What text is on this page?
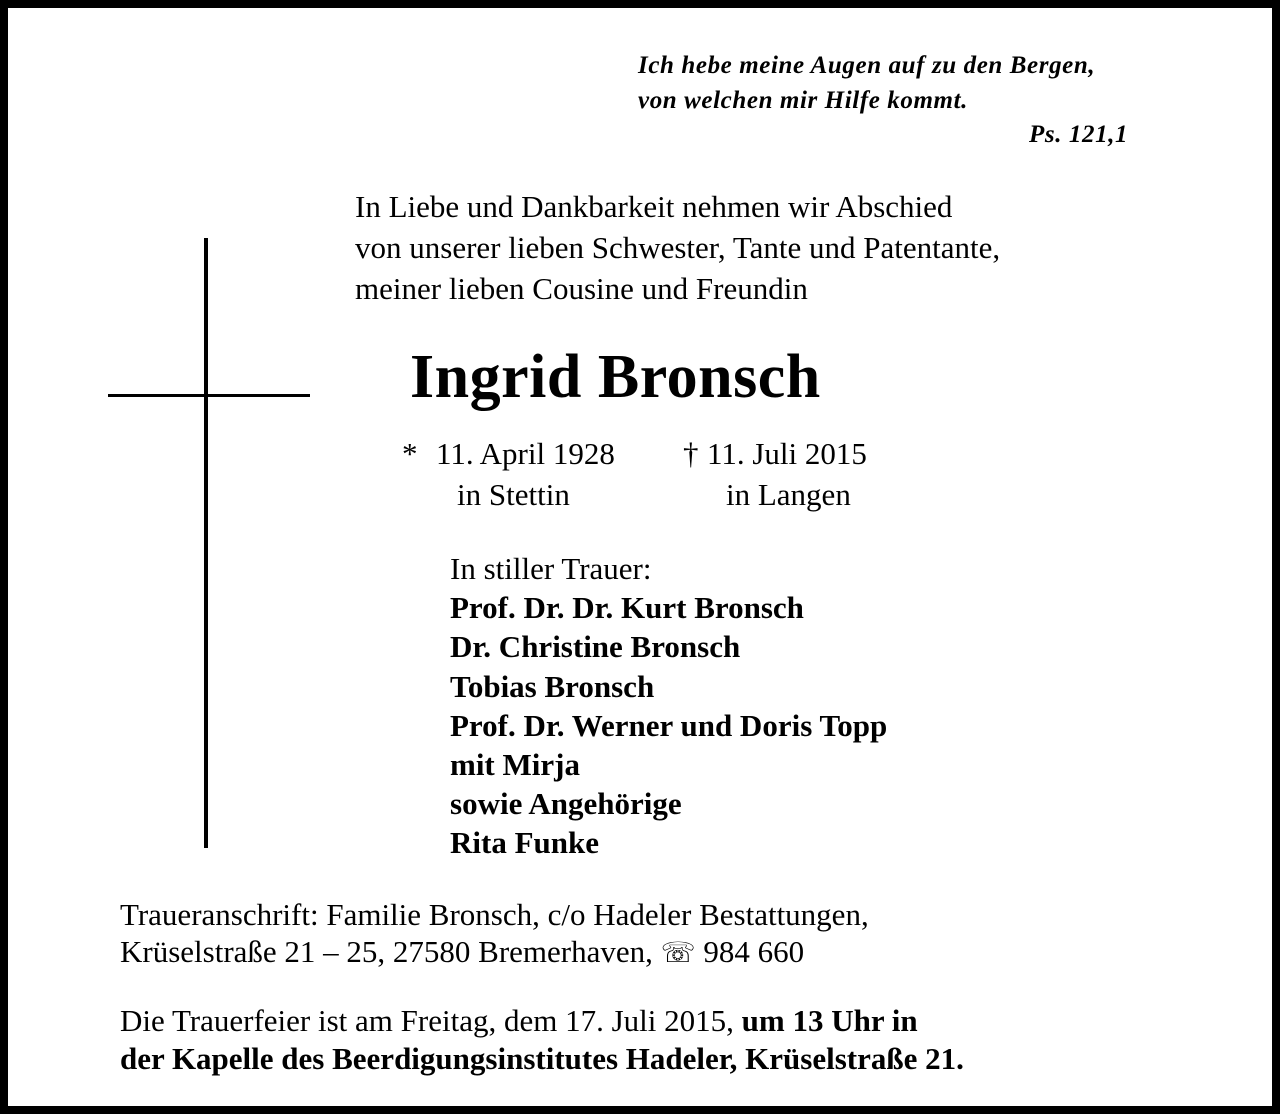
Ich hebe meine Augen auf zu den Bergen,
von welchen mir Hilfe kommt.
Ps. 121,1
In Liebe und Dankbarkeit nehmen wir Abschied
von unserer lieben Schwester, Tante und Patentante,
meiner lieben Cousine und Freundin
Ingrid Bronsch
* 11. April 1928 † 11. Juli 2015
in Stettin	in Langen
In stiller Trauer:
Prof. Dr. Dr. Kurt Bronsch
Dr. Christine Bronsch
Tobias Bronsch
Prof. Dr. Werner und Doris Topp
mit Mirja
sowie Angehörige
Rita Funke
Traueranschrift: Familie Bronsch, c/o Hadeler Bestattungen,
Krüselstraße 21 – 25, 27580 Bremerhaven, ☏ 984 660
Die Trauerfeier ist am Freitag, dem 17. Juli 2015, um 13 Uhr in
der Kapelle des Beerdigungsinstitutes Hadeler, Krüselstraße 21.
